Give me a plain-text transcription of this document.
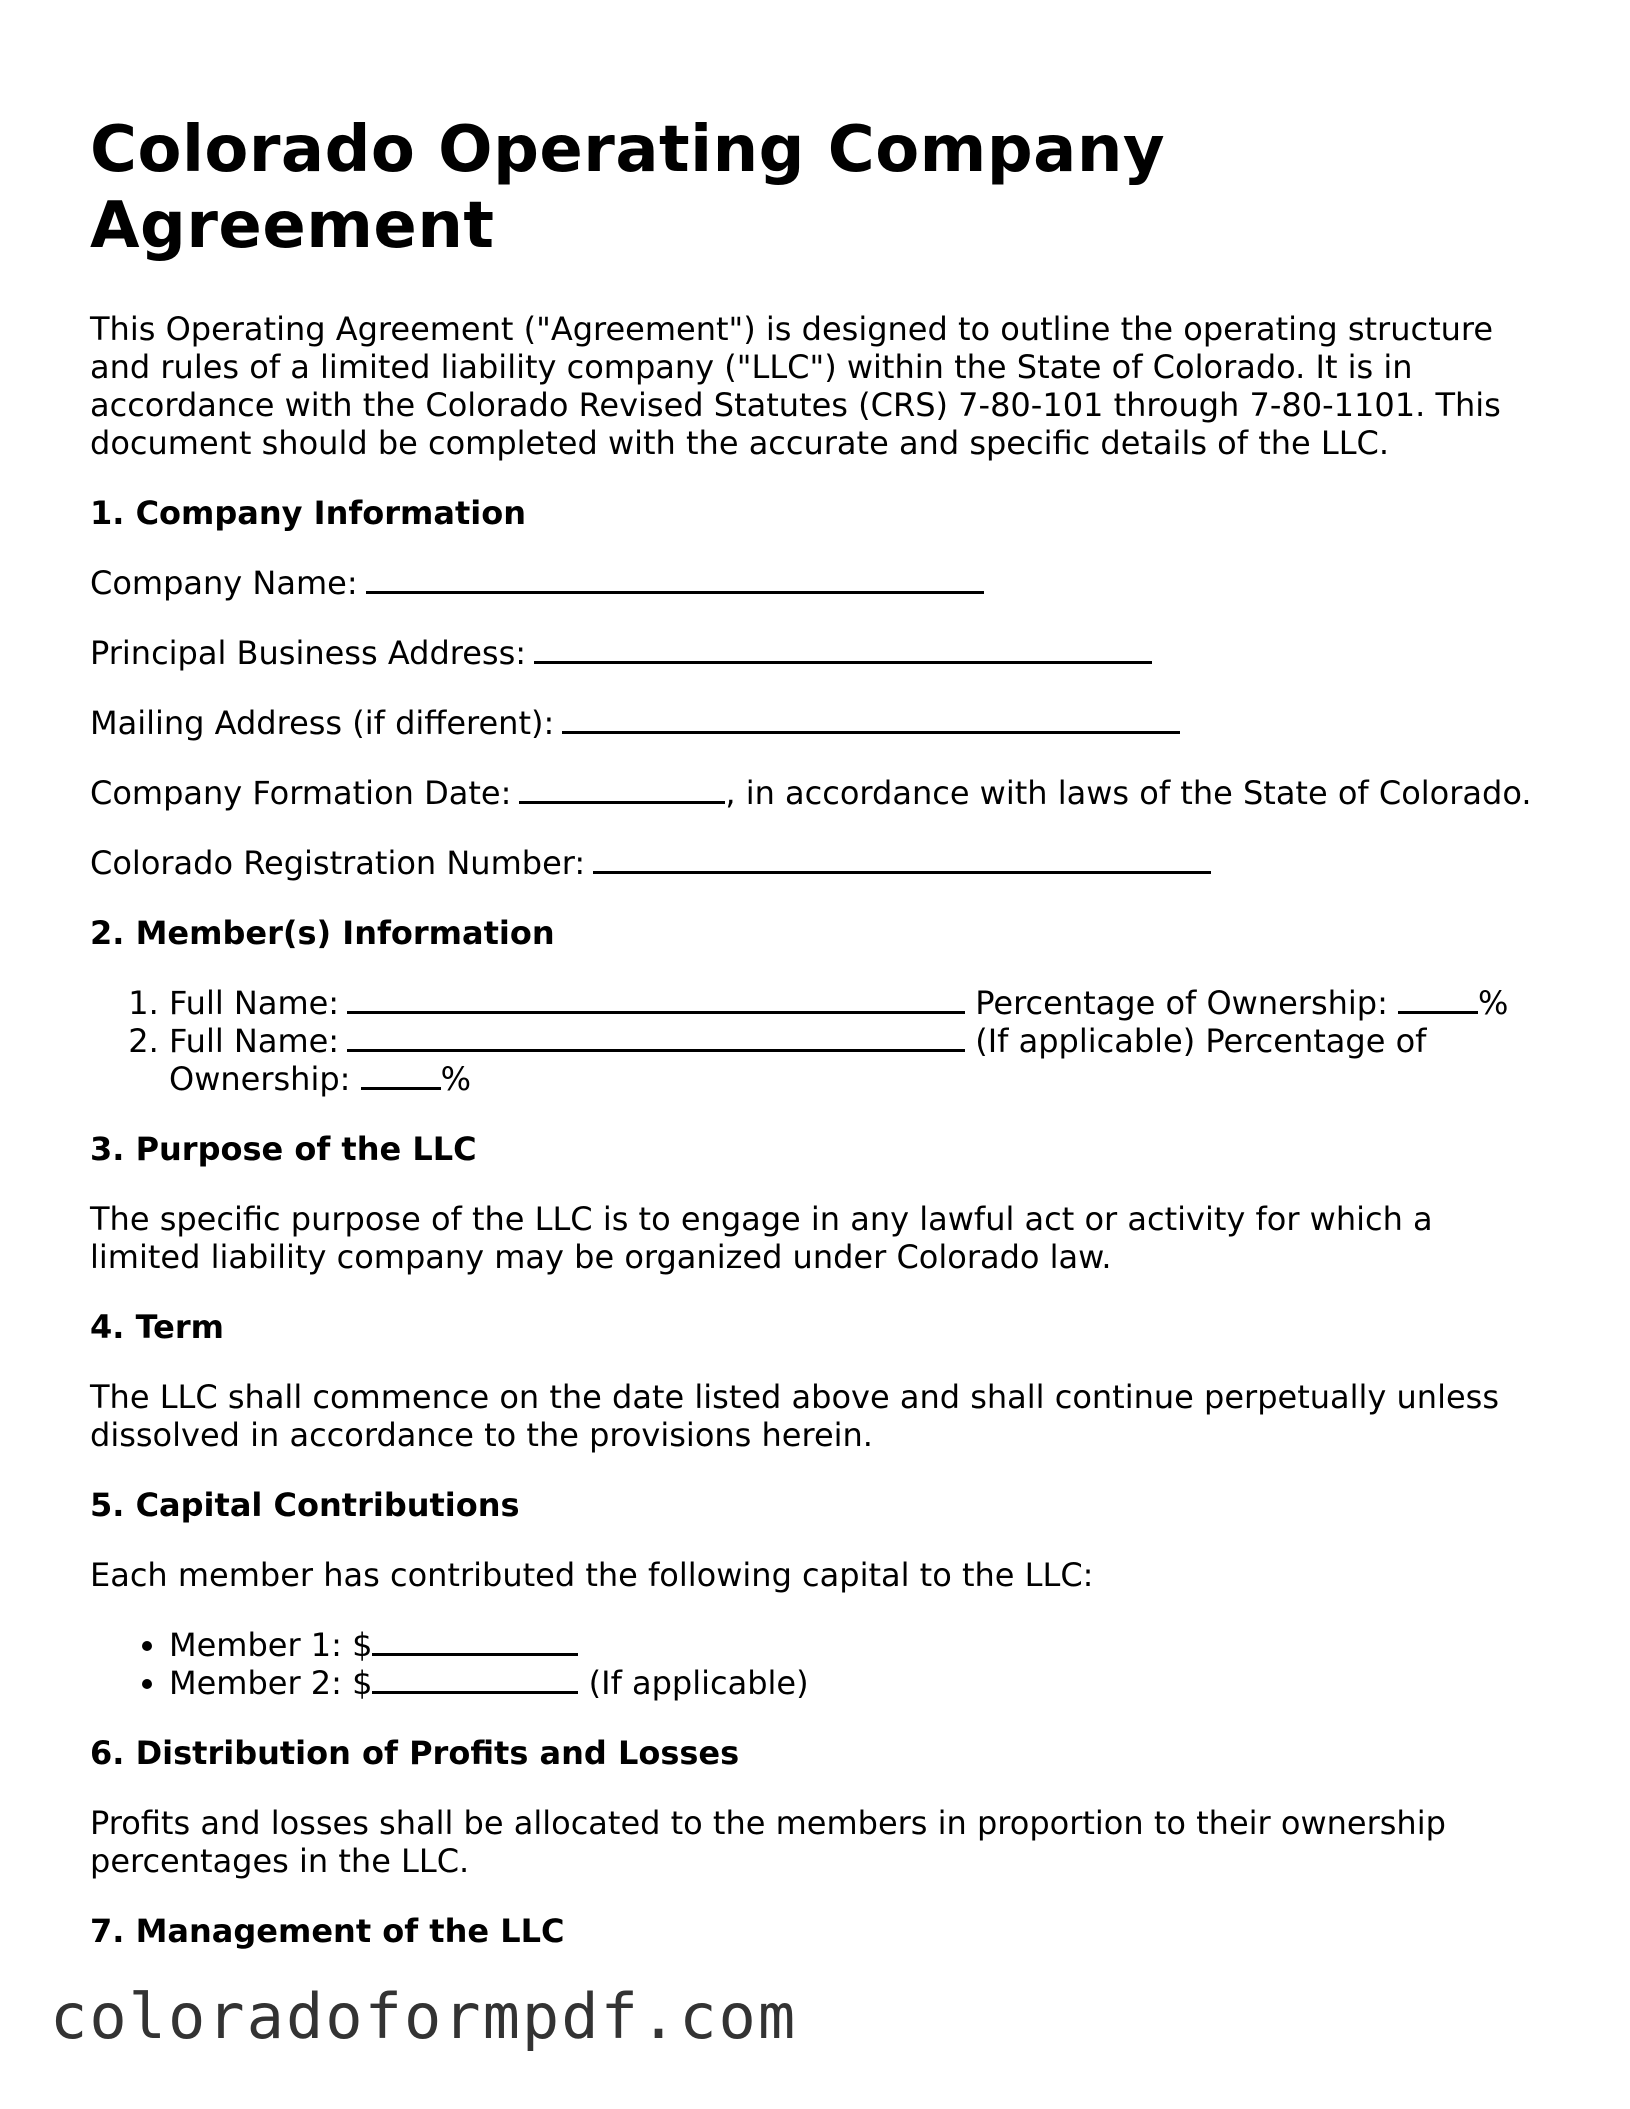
Colorado Operating Company Agreement

This Operating Agreement ("Agreement") is designed to outline the operating structure and rules of a limited liability company ("LLC") within the State of Colorado. It is in accordance with the Colorado Revised Statutes (CRS) 7-80-101 through 7-80-1101. This document should be completed with the accurate and specific details of the LLC.

1. Company Information
Company Name:
Principal Business Address:
Mailing Address (if different):
Company Formation Date:	, in accordance with laws of the State of Colorado.
Colorado Registration Number:
2. Member(s) Information
1. Full Name:	Percentage of Ownership:	%
2. Full Name:	(If applicable) Percentage of Ownership:	%
3. Purpose of the LLC

The specific purpose of the LLC is to engage in any lawful act or activity for which a limited liability company may be organized under Colorado law.

4. Term

The LLC shall commence on the date listed above and shall continue perpetually unless dissolved in accordance to the provisions herein.

5. Capital Contributions

Each member has contributed the following capital to the LLC:

• Member 1: $
• Member 2: $	(If applicable)
6. Distribution of Profits and Losses

Profits and losses shall be allocated to the members in proportion to their ownership percentages in the LLC.

7. Management of the LLC
coloradoformpdf.com
